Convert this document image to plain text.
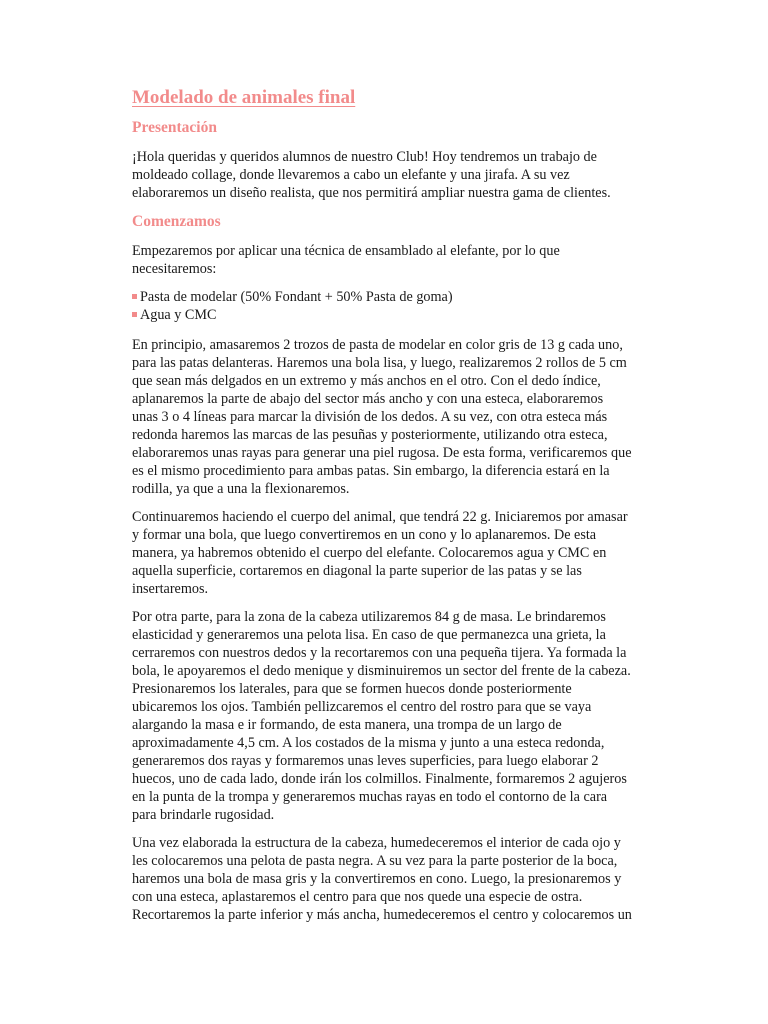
Modelado de animales final
Presentación

¡Hola queridas y queridos alumnos de nuestro Club! Hoy tendremos un trabajo de moldeado collage, donde llevaremos a cabo un elefante y una jirafa. A su vez elaboraremos un diseño realista, que nos permitirá ampliar nuestra gama de clientes.

Comenzamos

Empezaremos por aplicar una técnica de ensamblado al elefante, por lo que necesitaremos:

Pasta de modelar (50% Fondant + 50% Pasta de goma)
Agua y CMC

En principio, amasaremos 2 trozos de pasta de modelar en color gris de 13 g cada uno, para las patas delanteras. Haremos una bola lisa, y luego, realizaremos 2 rollos de 5 cm que sean más delgados en un extremo y más anchos en el otro. Con el dedo índice, aplanaremos la parte de abajo del sector más ancho y con una esteca, elaboraremos unas 3 o 4 líneas para marcar la división de los dedos. A su vez, con otra esteca más redonda haremos las marcas de las pesuñas y posteriormente, utilizando otra esteca, elaboraremos unas rayas para generar una piel rugosa. De esta forma, verificaremos que es el mismo procedimiento para ambas patas. Sin embargo, la diferencia estará en la rodilla, ya que a una la flexionaremos.

Continuaremos haciendo el cuerpo del animal, que tendrá 22 g. Iniciaremos por amasar y formar una bola, que luego convertiremos en un cono y lo aplanaremos. De esta manera, ya habremos obtenido el cuerpo del elefante. Colocaremos agua y CMC en aquella superficie, cortaremos en diagonal la parte superior de las patas y se las insertaremos.

Por otra parte, para la zona de la cabeza utilizaremos 84 g de masa. Le brindaremos elasticidad y generaremos una pelota lisa. En caso de que permanezca una grieta, la cerraremos con nuestros dedos y la recortaremos con una pequeña tijera. Ya formada la bola, le apoyaremos el dedo menique y disminuiremos un sector del frente de la cabeza. Presionaremos los laterales, para que se formen huecos donde posteriormente ubicaremos los ojos. También pellizcaremos el centro del rostro para que se vaya alargando la masa e ir formando, de esta manera, una trompa de un largo de aproximadamente 4,5 cm. A los costados de la misma y junto a una esteca redonda, generaremos dos rayas y formaremos unas leves superficies, para luego elaborar 2 huecos, uno de cada lado, donde irán los colmillos. Finalmente, formaremos 2 agujeros en la punta de la trompa y generaremos muchas rayas en todo el contorno de la cara para brindarle rugosidad.

Una vez elaborada la estructura de la cabeza, humedeceremos el interior de cada ojo y les colocaremos una pelota de pasta negra. A su vez para la parte posterior de la boca, haremos una bola de masa gris y la convertiremos en cono. Luego, la presionaremos y con una esteca, aplastaremos el centro para que nos quede una especie de ostra. Recortaremos la parte inferior y más ancha, humedeceremos el centro y colocaremos un
